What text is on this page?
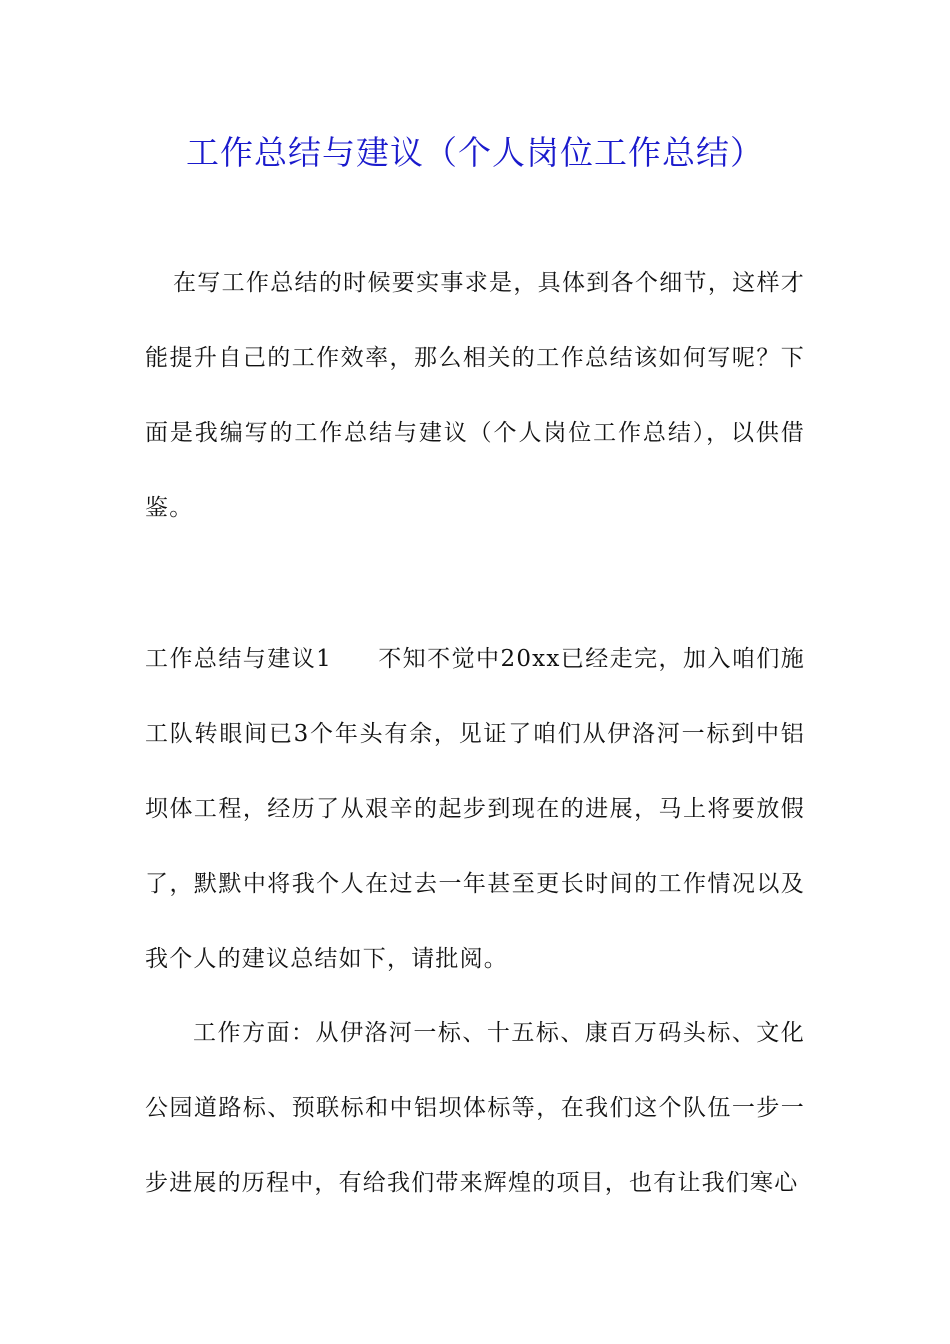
工作总结与建议（个人岗位工作总结）

在写工作总结的时候要实事求是，具体到各个细节，这样才能提升自己的工作效率，那么相关的工作总结该如何写呢？下面是我编写的工作总结与建议（个人岗位工作总结），以供借鉴。

工作总结与建议1 不知不觉中20xx已经走完，加入咱们施工队转眼间已3个年头有余，见证了咱们从伊洛河一标到中铝坝体工程，经历了从艰辛的起步到现在的进展，马上将要放假了，默默中将我个人在过去一年甚至更长时间的工作情况以及我个人的建议总结如下，请批阅。

工作方面：从伊洛河一标、十五标、康百万码头标、文化公园道路标、预联标和中铝坝体标等，在我们这个队伍一步一步进展的历程中，有给我们带来辉煌的项目，也有让我们寒心
